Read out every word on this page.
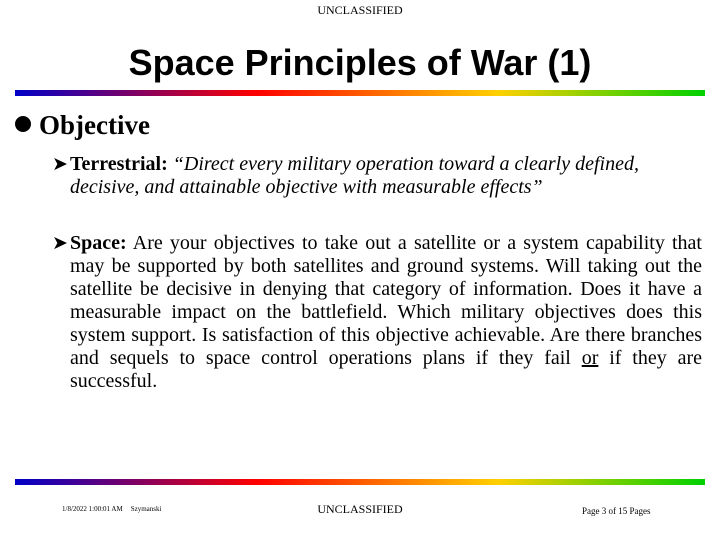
UNCLASSIFIED
Space Principles of War (1)
Objective
➤ Terrestrial: “Direct every military operation toward a clearly defined, decisive, and attainable objective with measurable effects”
➤ Space: Are your objectives to take out a satellite or a system capability that may be supported by both satellites and ground systems. Will taking out the satellite be decisive in denying that category of information. Does it have a measurable impact on the battlefield. Which military objectives does this system support. Is satisfaction of this objective achievable. Are there branches and sequels to space control operations plans if they fail or if they are successful.
1/8/2022 1:00:01 AM Szymanski	UNCLASSIFIED	Page 3 of 15 Pages
